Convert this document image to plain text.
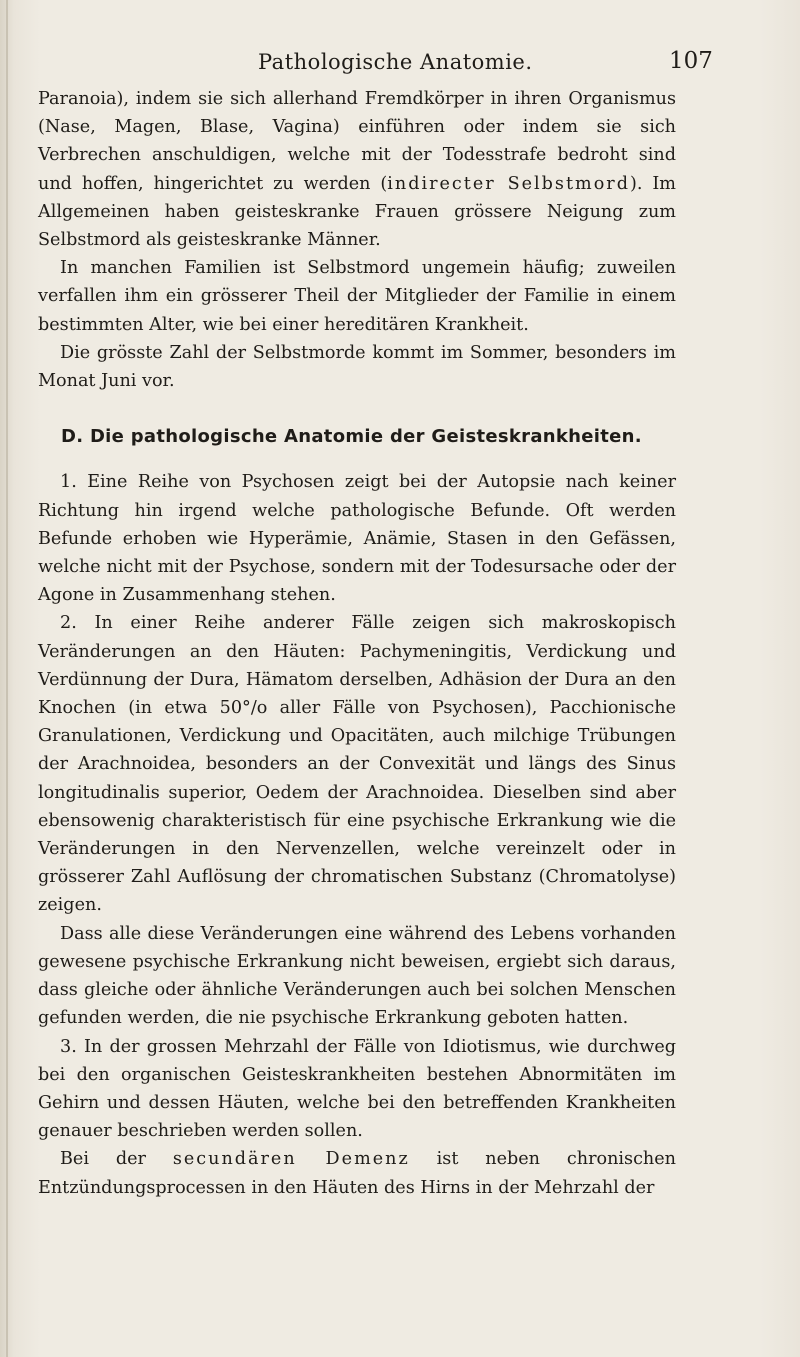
Pathologische Anatomie.	107

Paranoia), indem sie sich allerhand Fremdkörper in ihren Organismus (Nase, Magen, Blase, Vagina) einführen oder indem sie sich Verbrechen anschuldigen, welche mit der Todesstrafe bedroht sind und hoffen, hingerichtet zu werden (indirecter Selbstmord). Im Allgemeinen haben geisteskranke Frauen grössere Neigung zum Selbstmord als geisteskranke Männer.

In manchen Familien ist Selbstmord ungemein häufig; zuweilen verfallen ihm ein grösserer Theil der Mitglieder der Familie in einem bestimmten Alter, wie bei einer hereditären Krankheit.

Die grösste Zahl der Selbstmorde kommt im Sommer, besonders im Monat Juni vor.

D. Die pathologische Anatomie der Geisteskrankheiten.

1. Eine Reihe von Psychosen zeigt bei der Autopsie nach keiner Richtung hin irgend welche pathologische Befunde. Oft werden Befunde erhoben wie Hyperämie, Anämie, Stasen in den Gefässen, welche nicht mit der Psychose, sondern mit der Todesursache oder der Agone in Zusammenhang stehen.

2. In einer Reihe anderer Fälle zeigen sich makroskopisch Veränderungen an den Häuten: Pachymeningitis, Verdickung und Verdünnung der Dura, Hämatom derselben, Adhäsion der Dura an den Knochen (in etwa 50°/o aller Fälle von Psychosen), Pacchionische Granulationen, Verdickung und Opacitäten, auch milchige Trübungen der Arachnoidea, besonders an der Convexität und längs des Sinus longitudinalis superior, Oedem der Arachnoidea. Dieselben sind aber ebensowenig charakteristisch für eine psychische Erkrankung wie die Veränderungen in den Nervenzellen, welche vereinzelt oder in grösserer Zahl Auflösung der chromatischen Substanz (Chromatolyse) zeigen.

Dass alle diese Veränderungen eine während des Lebens vorhanden gewesene psychische Erkrankung nicht beweisen, ergiebt sich daraus, dass gleiche oder ähnliche Veränderungen auch bei solchen Menschen gefunden werden, die nie psychische Erkrankung geboten hatten.

3. In der grossen Mehrzahl der Fälle von Idiotismus, wie durchweg bei den organischen Geisteskrankheiten bestehen Abnormitäten im Gehirn und dessen Häuten, welche bei den betreffenden Krankheiten genauer beschrieben werden sollen.

Bei der secundären Demenz ist neben chronischen Entzündungsprocessen in den Häuten des Hirns in der Mehrzahl der
